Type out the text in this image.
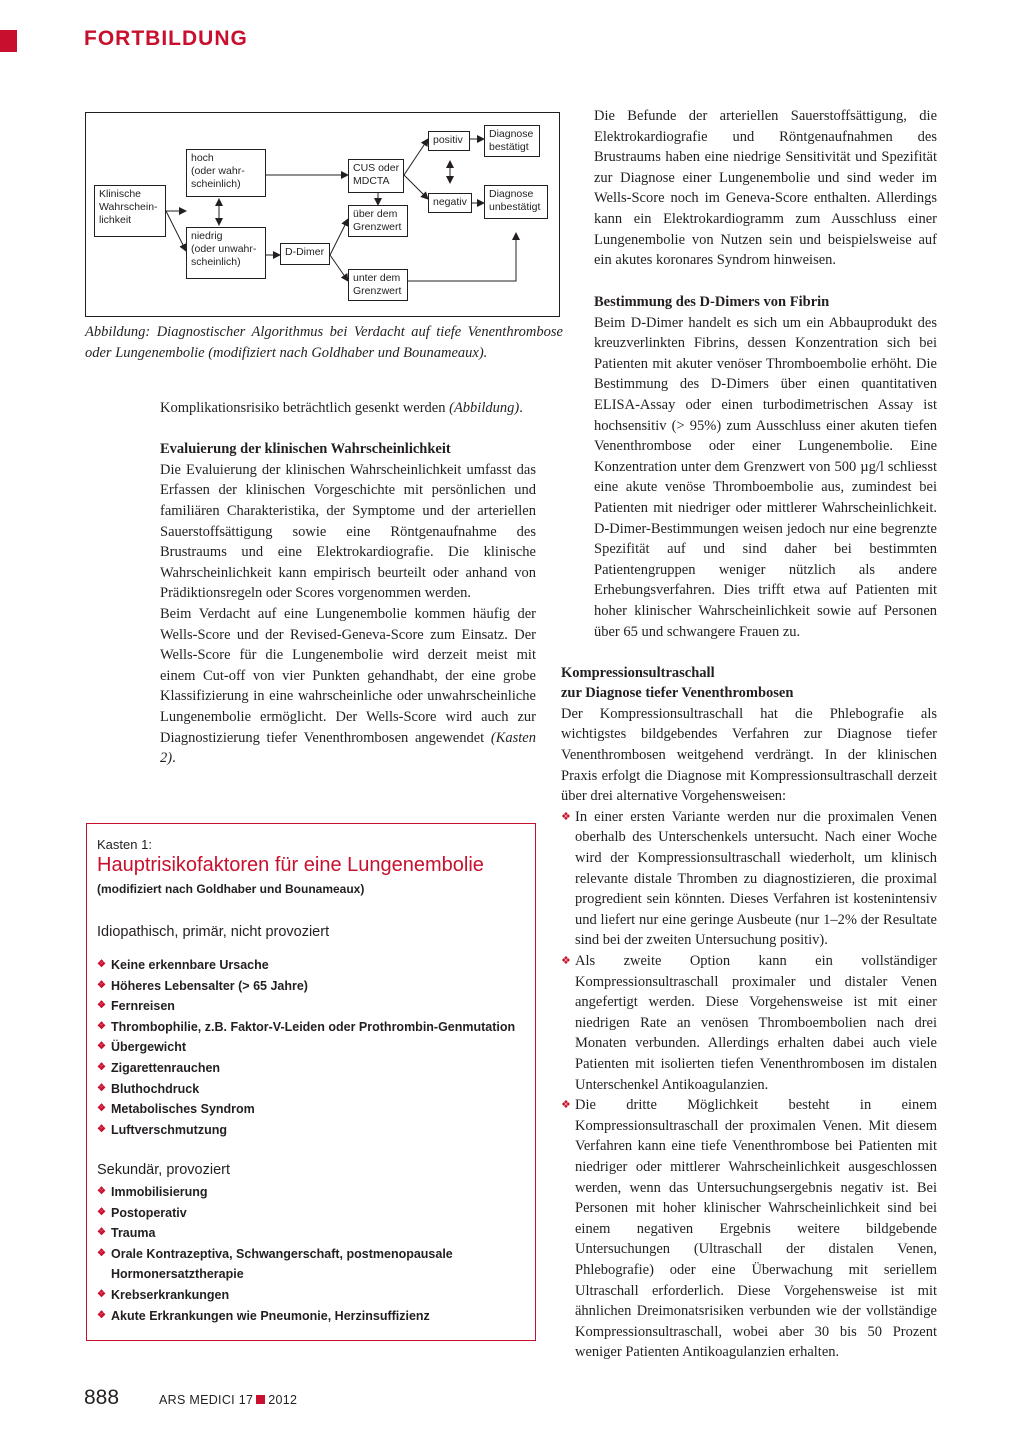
FORTBILDUNG
Klinische
Wahrschein-
lichkeit
hoch
(oder wahr-
scheinlich)
niedrig
(oder unwahr-
scheinlich)
D-Dimer
CUS oder
MDCTA
über dem
Grenzwert
unter dem
Grenzwert
positiv
negativ
Diagnose
bestätigt
Diagnose
unbestätigt
Abbildung: Diagnostischer Algorithmus bei Verdacht auf tiefe Venenthrombose oder Lungenembolie (modifiziert nach Goldhaber und Bounameaux).

Komplikationsrisiko beträchtlich gesenkt werden (Abbildung).

Evaluierung der klinischen Wahrscheinlichkeit

Die Evaluierung der klinischen Wahrscheinlichkeit umfasst das Erfassen der klinischen Vorgeschichte mit persönlichen und familiären Charakteristika, der Symptome und der arteriellen Sauerstoffsättigung sowie eine Röntgenaufnahme des Brustraums und eine Elektrokardiografie. Die klinische Wahrscheinlichkeit kann empirisch beurteilt oder anhand von Prädiktionsregeln oder Scores vorgenommen werden.

Beim Verdacht auf eine Lungenembolie kommen häufig der Wells-Score und der Revised-Geneva-Score zum Einsatz. Der Wells-Score für die Lungenembolie wird derzeit meist mit einem Cut-off von vier Punkten gehandhabt, der eine grobe Klassifizierung in eine wahrscheinliche oder unwahrscheinliche Lungenembolie ermöglicht. Der Wells-Score wird auch zur Diagnostizierung tiefer Venenthrombosen angewendet (Kasten 2).

Die Befunde der arteriellen Sauerstoffsättigung, die Elektrokardiografie und Röntgenaufnahmen des Brustraums haben eine niedrige Sensitivität und Spezifität zur Diagnose einer Lungenembolie und sind weder im Wells-Score noch im Geneva-Score enthalten. Allerdings kann ein Elektrokardiogramm zum Ausschluss einer Lungenembolie von Nutzen sein und beispielsweise auf ein akutes koronares Syndrom hinweisen.

Bestimmung des D-Dimers von Fibrin

Beim D-Dimer handelt es sich um ein Abbauprodukt des kreuzverlinkten Fibrins, dessen Konzentration sich bei Patienten mit akuter venöser Thromboembolie erhöht. Die Bestimmung des D-Dimers über einen quantitativen ELISA-Assay oder einen turbodimetrischen Assay ist hochsensitiv (> 95%) zum Ausschluss einer akuten tiefen Venenthrombose oder einer Lungenembolie. Eine Konzentration unter dem Grenzwert von 500 µg/l schliesst eine akute venöse Thromboembolie aus, zumindest bei Patienten mit niedriger oder mittlerer Wahrscheinlichkeit. D-Dimer-Bestimmungen weisen jedoch nur eine begrenzte Spezifität auf und sind daher bei bestimmten Patientengruppen weniger nützlich als andere Erhebungsverfahren. Dies trifft etwa auf Patienten mit hoher klinischer Wahrscheinlichkeit sowie auf Personen über 65 und schwangere Frauen zu.

Kompressionsultraschall

zur Diagnose tiefer Venenthrombosen

Der Kompressionsultraschall hat die Phlebografie als wichtigstes bildgebendes Verfahren zur Diagnose tiefer Venenthrombosen weitgehend verdrängt. In der klinischen Praxis erfolgt die Diagnose mit Kompressionsultraschall derzeit über drei alternative Vorgehensweisen:

❖ In einer ersten Variante werden nur die proximalen Venen oberhalb des Unterschenkels untersucht. Nach einer Woche wird der Kompressionsultraschall wiederholt, um klinisch relevante distale Thromben zu diagnostizieren, die proximal progredient sein könnten. Dieses Verfahren ist kostenintensiv und liefert nur eine geringe Ausbeute (nur 1–2% der Resultate sind bei der zweiten Untersuchung positiv).
❖ Als zweite Option kann ein vollständiger Kompressionsultraschall proximaler und distaler Venen angefertigt werden. Diese Vorgehensweise ist mit einer niedrigen Rate an venösen Thromboembolien nach drei Monaten verbunden. Allerdings erhalten dabei auch viele Patienten mit isolierten tiefen Venenthrombosen im distalen Unterschenkel Antikoagulanzien.
❖ Die dritte Möglichkeit besteht in einem Kompressionsultraschall der proximalen Venen. Mit diesem Verfahren kann eine tiefe Venenthrombose bei Patienten mit niedriger oder mittlerer Wahrscheinlichkeit ausgeschlossen werden, wenn das Untersuchungsergebnis negativ ist. Bei Personen mit hoher klinischer Wahrscheinlichkeit sind bei einem negativen Ergebnis weitere bildgebende Untersuchungen (Ultraschall der distalen Venen, Phlebografie) oder eine Überwachung mit seriellem Ultraschall erforderlich. Diese Vorgehensweise ist mit ähnlichen Dreimonatsrisiken verbunden wie der vollständige Kompressionsultraschall, wobei aber 30 bis 50 Prozent weniger Patienten Antikoagulanzien erhalten.
Kasten 1:
Hauptrisikofaktoren für eine Lungenembolie
(modifiziert nach Goldhaber und Bounameaux)
Idiopathisch, primär, nicht provoziert
❖ Keine erkennbare Ursache
❖ Höheres Lebensalter (> 65 Jahre)
❖ Fernreisen
❖ Thrombophilie, z.B. Faktor-V-Leiden oder Prothrombin-Genmutation
❖ Übergewicht
❖ Zigarettenrauchen
❖ Bluthochdruck
❖ Metabolisches Syndrom
❖ Luftverschmutzung
Sekundär, provoziert
❖ Immobilisierung
❖ Postoperativ
❖ Trauma
❖ Orale Kontrazeptiva, Schwangerschaft, postmenopausale Hormonersatztherapie
❖ Krebserkrankungen
❖ Akute Erkrankungen wie Pneumonie, Herzinsuffizienz
888	ARS MEDICI 17 2012
